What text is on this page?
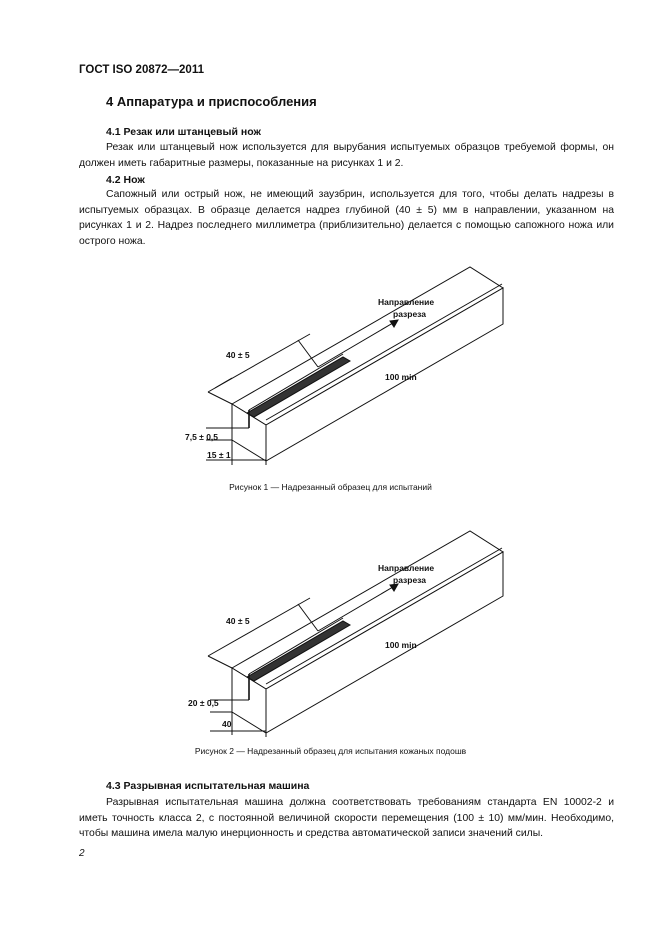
ГОСТ ISO 20872—2011
4 Аппаратура и приспособления
4.1 Резак или штанцевый нож
Резак или штанцевый нож используется для вырубания испытуемых образцов требуемой формы, он должен иметь габаритные размеры, показанные на рисунках 1 и 2.
4.2 Нож
Сапожный или острый нож, не имеющий заузбрин, используется для того, чтобы делать надрезы в испытуемых образцах. В образце делается надрез глубиной (40 ± 5) мм в направлении, указанном на рисунках 1 и 2. Надрез последнего миллиметра (приблизительно) делается с помощью сапожного ножа или острого ножа.
Направление
разреза
40 ± 5
100 min
7,5 ± 0,5
15 ± 1
Рисунок 1 — Надрезанный образец для испытаний
Направление
разреза
40 ± 5
100 min
20 ± 0,5
40
Рисунок 2 — Надрезанный образец для испытания кожаных подошв
4.3 Разрывная испытательная машина
Разрывная испытательная машина должна соответствовать требованиям стандарта EN 10002-2 и иметь точность класса 2, с постоянной величиной скорости перемещения (100 ± 10) мм/мин. Необходимо, чтобы машина имела малую инерционность и средства автоматической записи значений силы.
2
